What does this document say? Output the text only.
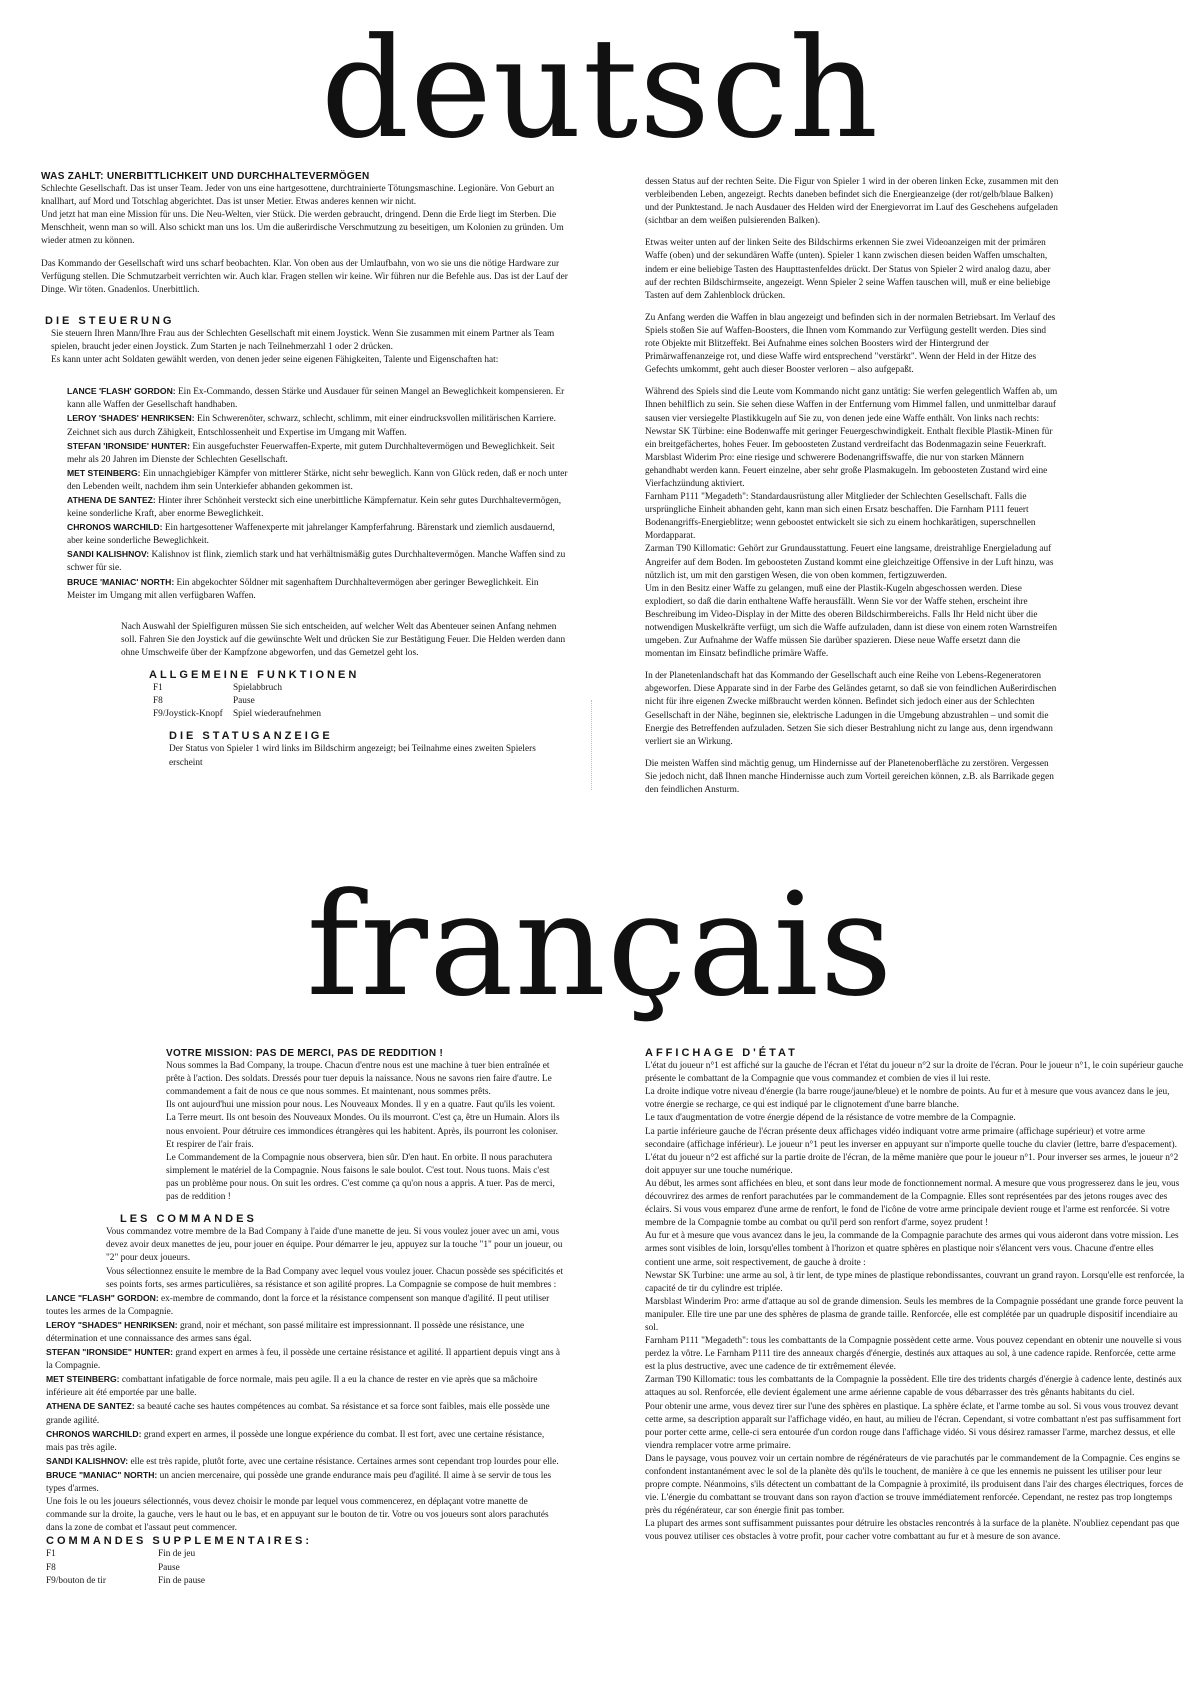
deutsch

WAS ZAHLT: UNERBITTLICHKEIT UND DURCHHALTEVERMÖGEN

Schlechte Gesellschaft. Das ist unser Team. Jeder von uns eine hartgesottene, durchtrainierte Tötungsmaschine. Legionäre. Von Geburt an knallhart, auf Mord und Totschlag abgerichtet. Das ist unser Metier. Etwas anderes kennen wir nicht.

Und jetzt hat man eine Mission für uns. Die Neu-Welten, vier Stück. Die werden gebraucht, dringend. Denn die Erde liegt im Sterben. Die Menschheit, wenn man so will. Also schickt man uns los. Um die außerirdische Verschmutzung zu beseitigen, um Kolonien zu gründen. Um wieder atmen zu können.

Das Kommando der Gesellschaft wird uns scharf beobachten. Klar. Von oben aus der Umlaufbahn, von wo sie uns die nötige Hardware zur Verfügung stellen. Die Schmutzarbeit verrichten wir. Auch klar. Fragen stellen wir keine. Wir führen nur die Befehle aus. Das ist der Lauf der Dinge. Wir töten. Gnadenlos. Unerbittlich.

DIE STEUERUNG

Sie steuern Ihren Mann/Ihre Frau aus der Schlechten Gesellschaft mit einem Joystick. Wenn Sie zusammen mit einem Partner als Team spielen, braucht jeder einen Joystick. Zum Starten je nach Teilnehmerzahl 1 oder 2 drücken.

Es kann unter acht Soldaten gewählt werden, von denen jeder seine eigenen Fähigkeiten, Talente und Eigenschaften hat:

LANCE 'FLASH' GORDON: Ein Ex-Commando, dessen Stärke und Ausdauer für seinen Mangel an Beweglichkeit kompensieren. Er kann alle Waffen der Gesellschaft handhaben.

LEROY 'SHADES' HENRIKSEN: Ein Schwerenöter, schwarz, schlecht, schlimm, mit einer eindrucksvollen militärischen Karriere. Zeichnet sich aus durch Zähigkeit, Entschlossenheit und Expertise im Umgang mit Waffen.

STEFAN 'IRONSIDE' HUNTER: Ein ausgefuchster Feuerwaffen-Experte, mit gutem Durchhaltevermögen und Beweglichkeit. Seit mehr als 20 Jahren im Dienste der Schlechten Gesellschaft.

MET STEINBERG: Ein unnachgiebiger Kämpfer von mittlerer Stärke, nicht sehr beweglich. Kann von Glück reden, daß er noch unter den Lebenden weilt, nachdem ihm sein Unterkiefer abhanden gekommen ist.

ATHENA DE SANTEZ: Hinter ihrer Schönheit versteckt sich eine unerbittliche Kämpfernatur. Kein sehr gutes Durchhaltevermögen, keine sonderliche Kraft, aber enorme Beweglichkeit.

CHRONOS WARCHILD: Ein hartgesottener Waffenexperte mit jahrelanger Kampferfahrung. Bärenstark und ziemlich ausdauernd, aber keine sonderliche Beweglichkeit.

SANDI KALISHNOV: Kalishnov ist flink, ziemlich stark und hat verhältnismäßig gutes Durchhaltevermögen. Manche Waffen sind zu schwer für sie.

BRUCE 'MANIAC' NORTH: Ein abgekochter Söldner mit sagenhaftem Durchhaltevermögen aber geringer Beweglichkeit. Ein Meister im Umgang mit allen verfügbaren Waffen.

Nach Auswahl der Spielfiguren müssen Sie sich entscheiden, auf welcher Welt das Abenteuer seinen Anfang nehmen soll. Fahren Sie den Joystick auf die gewünschte Welt und drücken Sie zur Bestätigung Feuer. Die Helden werden dann ohne Umschweife über der Kampfzone abgeworfen, und das Gemetzel geht los.

ALLGEMEINE FUNKTIONEN

F1	Spielabbruch
F8	Pause
F9/Joystick-Knopf	Spiel wiederaufnehmen

DIE STATUSANZEIGE

Der Status von Spieler 1 wird links im Bildschirm angezeigt; bei Teilnahme eines zweiten Spielers erscheint

dessen Status auf der rechten Seite. Die Figur von Spieler 1 wird in der oberen linken Ecke, zusammen mit den verbleibenden Leben, angezeigt. Rechts daneben befindet sich die Energieanzeige (der rot/gelb/blaue Balken) und der Punktestand. Je nach Ausdauer des Helden wird der Energievorrat im Lauf des Geschehens aufgeladen (sichtbar an dem weißen pulsierenden Balken).

Etwas weiter unten auf der linken Seite des Bildschirms erkennen Sie zwei Videoanzeigen mit der primären Waffe (oben) und der sekundären Waffe (unten). Spieler 1 kann zwischen diesen beiden Waffen umschalten, indem er eine beliebige Tasten des Haupttastenfeldes drückt. Der Status von Spieler 2 wird analog dazu, aber auf der rechten Bildschirmseite, angezeigt. Wenn Spieler 2 seine Waffen tauschen will, muß er eine beliebige Tasten auf dem Zahlenblock drücken.

Zu Anfang werden die Waffen in blau angezeigt und befinden sich in der normalen Betriebsart. Im Verlauf des Spiels stoßen Sie auf Waffen-Boosters, die Ihnen vom Kommando zur Verfügung gestellt werden. Dies sind rote Objekte mit Blitzeffekt. Bei Aufnahme eines solchen Boosters wird der Hintergrund der Primärwaffenanzeige rot, und diese Waffe wird entsprechend "verstärkt". Wenn der Held in der Hitze des Gefechts umkommt, geht auch dieser Booster verloren – also aufgepaßt.

Während des Spiels sind die Leute vom Kommando nicht ganz untätig: Sie werfen gelegentlich Waffen ab, um Ihnen behilflich zu sein. Sie sehen diese Waffen in der Entfernung vom Himmel fallen, und unmittelbar darauf sausen vier versiegelte Plastikkugeln auf Sie zu, von denen jede eine Waffe enthält. Von links nach rechts:

Newstar SK Türbine: eine Bodenwaffe mit geringer Feuergeschwindigkeit. Enthalt flexible Plastik-Minen für ein breitgefächertes, hohes Feuer. Im geboosteten Zustand verdreifacht das Bodenmagazin seine Feuerkraft.

Marsblast Widerim Pro: eine riesige und schwerere Bodenangriffswaffe, die nur von starken Männern gehandhabt werden kann. Feuert einzelne, aber sehr große Plasmakugeln. Im geboosteten Zustand wird eine Vierfachzündung aktiviert.

Farnham P111 "Megadeth": Standardausrüstung aller Mitglieder der Schlechten Gesellschaft. Falls die ursprüngliche Einheit abhanden geht, kann man sich einen Ersatz beschaffen. Die Farnham P111 feuert Bodenangriffs-Energieblitze; wenn geboostet entwickelt sie sich zu einem hochkarätigen, superschnellen Mordapparat.

Zarman T90 Killomatic: Gehört zur Grundausstattung. Feuert eine langsame, dreistrahlige Energieladung auf Angreifer auf dem Boden. Im geboosteten Zustand kommt eine gleichzeitige Offensive in der Luft hinzu, was nützlich ist, um mit den garstigen Wesen, die von oben kommen, fertigzuwerden.

Um in den Besitz einer Waffe zu gelangen, muß eine der Plastik-Kugeln abgeschossen werden. Diese explodiert, so daß die darin enthaltene Waffe herausfällt. Wenn Sie vor der Waffe stehen, erscheint ihre Beschreibung im Video-Display in der Mitte des oberen Bildschirmbereichs. Falls Ihr Held nicht über die notwendigen Muskelkräfte verfügt, um sich die Waffe aufzuladen, dann ist diese von einem roten Warnstreifen umgeben. Zur Aufnahme der Waffe müssen Sie darüber spazieren. Diese neue Waffe ersetzt dann die momentan im Einsatz befindliche primäre Waffe.

In der Planetenlandschaft hat das Kommando der Gesellschaft auch eine Reihe von Lebens-Regeneratoren abgeworfen. Diese Apparate sind in der Farbe des Geländes getarnt, so daß sie von feindlichen Außerirdischen nicht für ihre eigenen Zwecke mißbraucht werden können. Befindet sich jedoch einer aus der Schlechten Gesellschaft in der Nähe, beginnen sie, elektrische Ladungen in die Umgebung abzustrahlen – und somit die Energie des Betreffenden aufzuladen. Setzen Sie sich dieser Bestrahlung nicht zu lange aus, denn irgendwann verliert sie an Wirkung.

Die meisten Waffen sind mächtig genug, um Hindernisse auf der Planetenoberfläche zu zerstören. Vergessen Sie jedoch nicht, daß Ihnen manche Hindernisse auch zum Vorteil gereichen können, z.B. als Barrikade gegen den feindlichen Ansturm.

français

VOTRE MISSION: PAS DE MERCI, PAS DE REDDITION !

Nous sommes la Bad Company, la troupe. Chacun d'entre nous est une machine à tuer bien entraînée et prête à l'action. Des soldats. Dressés pour tuer depuis la naissance. Nous ne savons rien faire d'autre. Le commandement a fait de nous ce que nous sommes. Et maintenant, nous sommes prêts.

Ils ont aujourd'hui une mission pour nous. Les Nouveaux Mondes. Il y en a quatre. Faut qu'ils les voient. La Terre meurt. Ils ont besoin des Nouveaux Mondes. Ou ils mourront. C'est ça, être un Humain. Alors ils nous envoient. Pour détruire ces immondices étrangères qui les habitent. Après, ils pourront les coloniser. Et respirer de l'air frais.

Le Commandement de la Compagnie nous observera, bien sûr. D'en haut. En orbite. Il nous parachutera simplement le matériel de la Compagnie. Nous faisons le sale boulot. C'est tout. Nous tuons. Mais c'est pas un problème pour nous. On suit les ordres. C'est comme ça qu'on nous a appris. A tuer. Pas de merci, pas de reddition !

LES COMMANDES

Vous commandez votre membre de la Bad Company à l'aide d'une manette de jeu. Si vous voulez jouer avec un ami, vous devez avoir deux manettes de jeu, pour jouer en équipe. Pour démarrer le jeu, appuyez sur la touche "1" pour un joueur, ou "2" pour deux joueurs.

Vous sélectionnez ensuite le membre de la Bad Company avec lequel vous voulez jouer. Chacun possède ses spécificités et ses points forts, ses armes particulières, sa résistance et son agilité propres. La Compagnie se compose de huit membres :

LANCE "FLASH" GORDON: ex-membre de commando, dont la force et la résistance compensent son manque d'agilité. Il peut utiliser toutes les armes de la Compagnie.

LEROY "SHADES" HENRIKSEN: grand, noir et méchant, son passé militaire est impressionnant. Il possède une résistance, une détermination et une connaissance des armes sans égal.

STEFAN "IRONSIDE" HUNTER: grand expert en armes à feu, il possède une certaine résistance et agilité. Il appartient depuis vingt ans à la Compagnie.

MET STEINBERG: combattant infatigable de force normale, mais peu agile. Il a eu la chance de rester en vie après que sa mâchoire inférieure ait été emportée par une balle.

ATHENA DE SANTEZ: sa beauté cache ses hautes compétences au combat. Sa résistance et sa force sont faibles, mais elle possède une grande agilité.

CHRONOS WARCHILD: grand expert en armes, il possède une longue expérience du combat. Il est fort, avec une certaine résistance, mais pas très agile.

SANDI KALISHNOV: elle est très rapide, plutôt forte, avec une certaine résistance. Certaines armes sont cependant trop lourdes pour elle.

BRUCE "MANIAC" NORTH: un ancien mercenaire, qui possède une grande endurance mais peu d'agilité. Il aime à se servir de tous les types d'armes.

Une fois le ou les joueurs sélectionnés, vous devez choisir le monde par lequel vous commencerez, en déplaçant votre manette de commande sur la droite, la gauche, vers le haut ou le bas, et en appuyant sur le bouton de tir. Votre ou vos joueurs sont alors parachutés dans la zone de combat et l'assaut peut commencer.

COMMANDES SUPPLEMENTAIRES:

F1	Fin de jeu
F8	Pause
F9/bouton de tir	Fin de pause

AFFICHAGE D'ÉTAT

L'état du joueur n°1 est affiché sur la gauche de l'écran et l'état du joueur n°2 sur la droite de l'écran. Pour le joueur n°1, le coin supérieur gauche présente le combattant de la Compagnie que vous commandez et combien de vies il lui reste.

La droite indique votre niveau d'énergie (la barre rouge/jaune/bleue) et le nombre de points. Au fur et à mesure que vous avancez dans le jeu, votre énergie se recharge, ce qui est indiqué par le clignotement d'une barre blanche.

Le taux d'augmentation de votre énergie dépend de la résistance de votre membre de la Compagnie.

La partie inférieure gauche de l'écran présente deux affichages vidéo indiquant votre arme primaire (affichage supérieur) et votre arme secondaire (affichage inférieur). Le joueur n°1 peut les inverser en appuyant sur n'importe quelle touche du clavier (lettre, barre d'espacement). L'état du joueur n°2 est affiché sur la partie droite de l'écran, de la même manière que pour le joueur n°1. Pour inverser ses armes, le joueur n°2 doit appuyer sur une touche numérique.

Au début, les armes sont affichées en bleu, et sont dans leur mode de fonctionnement normal. A mesure que vous progresserez dans le jeu, vous découvrirez des armes de renfort parachutées par le commandement de la Compagnie. Elles sont représentées par des jetons rouges avec des éclairs. Si vous vous emparez d'une arme de renfort, le fond de l'icône de votre arme principale devient rouge et l'arme est renforcée. Si votre membre de la Compagnie tombe au combat ou qu'il perd son renfort d'arme, soyez prudent !

Au fur et à mesure que vous avancez dans le jeu, la commande de la Compagnie parachute des armes qui vous aideront dans votre mission. Les armes sont visibles de loin, lorsqu'elles tombent à l'horizon et quatre sphères en plastique noir s'élancent vers vous. Chacune d'entre elles contient une arme, soit respectivement, de gauche à droite :

Newstar SK Turbine: une arme au sol, à tir lent, de type mines de plastique rebondissantes, couvrant un grand rayon. Lorsqu'elle est renforcée, la capacité de tir du cylindre est triplée.

Marsblast Winderim Pro: arme d'attaque au sol de grande dimension. Seuls les membres de la Compagnie possédant une grande force peuvent la manipuler. Elle tire une par une des sphères de plasma de grande taille. Renforcée, elle est complétée par un quadruple dispositif incendiaire au sol.

Farnham P111 "Megadeth": tous les combattants de la Compagnie possèdent cette arme. Vous pouvez cependant en obtenir une nouvelle si vous perdez la vôtre. Le Farnham P111 tire des anneaux chargés d'énergie, destinés aux attaques au sol, à une cadence rapide. Renforcée, cette arme est la plus destructive, avec une cadence de tir extrêmement élevée.

Zarman T90 Killomatic: tous les combattants de la Compagnie la possèdent. Elle tire des tridents chargés d'énergie à cadence lente, destinés aux attaques au sol. Renforcée, elle devient également une arme aérienne capable de vous débarrasser des très gênants habitants du ciel.

Pour obtenir une arme, vous devez tirer sur l'une des sphères en plastique. La sphère éclate, et l'arme tombe au sol. Si vous vous trouvez devant cette arme, sa description apparaît sur l'affichage vidéo, en haut, au milieu de l'écran. Cependant, si votre combattant n'est pas suffisamment fort pour porter cette arme, celle-ci sera entourée d'un cordon rouge dans l'affichage vidéo. Si vous désirez ramasser l'arme, marchez dessus, et elle viendra remplacer votre arme primaire.

Dans le paysage, vous pouvez voir un certain nombre de régénérateurs de vie parachutés par le commandement de la Compagnie. Ces engins se confondent instantanément avec le sol de la planète dès qu'ils le touchent, de manière à ce que les ennemis ne puissent les utiliser pour leur propre compte. Néanmoins, s'ils détectent un combattant de la Compagnie à proximité, ils produisent dans l'air des charges électriques, forces de vie. L'énergie du combattant se trouvant dans son rayon d'action se trouve immédiatement renforcée. Cependant, ne restez pas trop longtemps près du régénérateur, car son énergie finit pas tomber.

La plupart des armes sont suffisamment puissantes pour détruire les obstacles rencontrés à la surface de la planète. N'oubliez cependant pas que vous pouvez utiliser ces obstacles à votre profit, pour cacher votre combattant au fur et à mesure de son avance.
